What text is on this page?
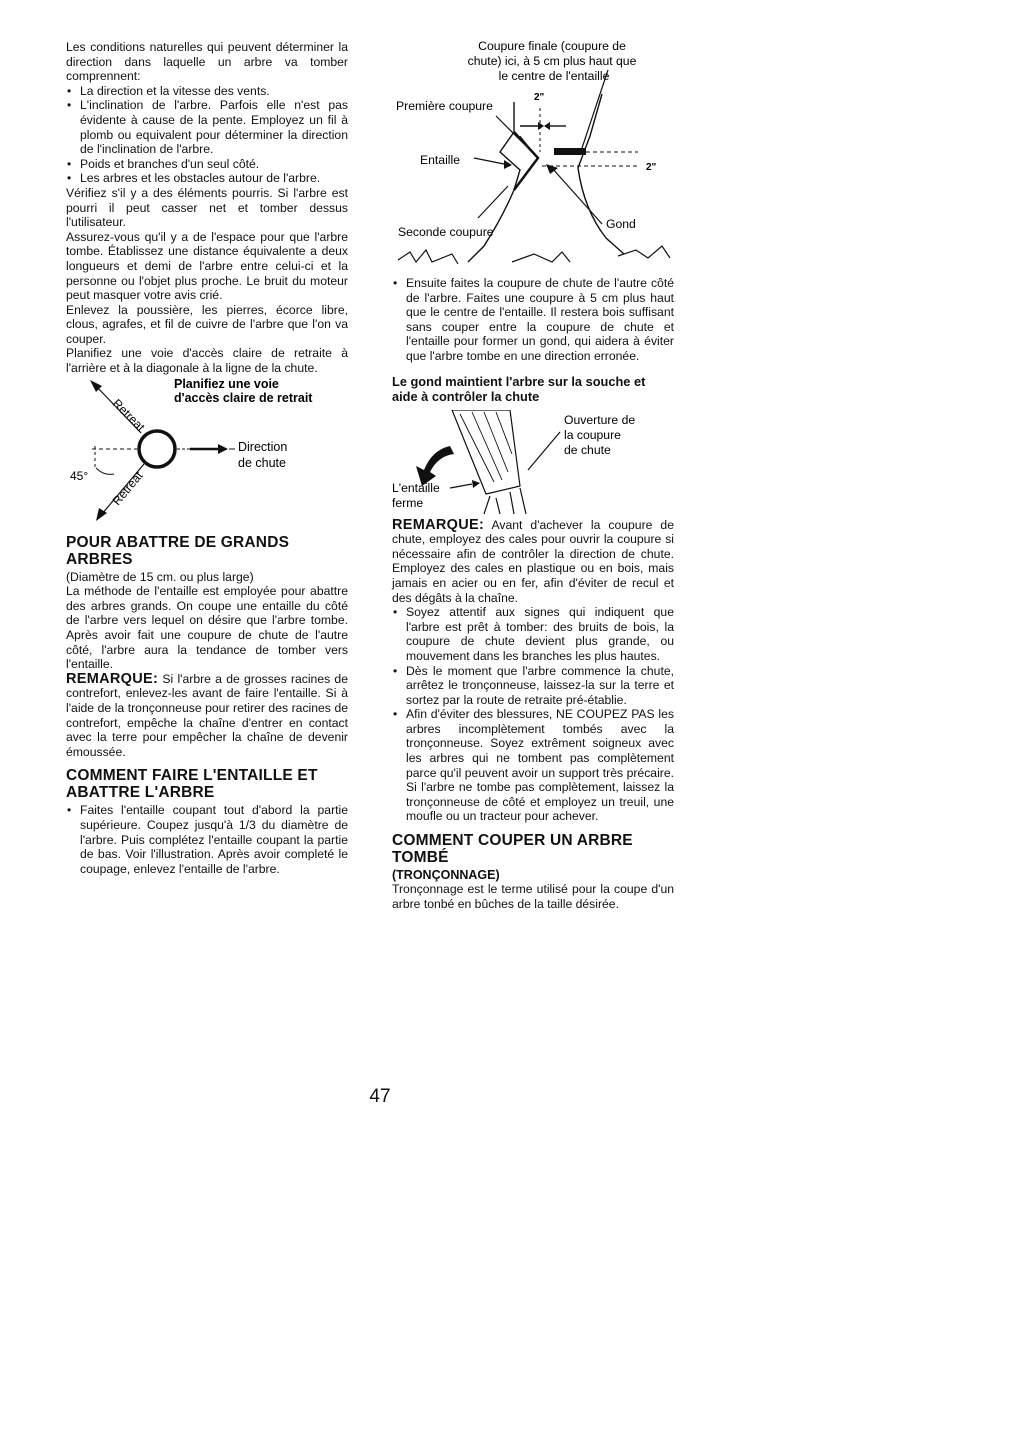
Les conditions naturelles qui peuvent déterminer la direction dans laquelle un arbre va tomber comprennent:

• La direction et la vitesse des vents.
• L'inclination de l'arbre. Parfois elle n'est pas évidente à cause de la pente. Employez un fil à plomb ou equivalent pour déterminer la direction de l'inclination de l'arbre.
• Poids et branches d'un seul côté.
• Les arbres et les obstacles autour de l'arbre.

Vérifiez s'il y a des éléments pourris. Si l'arbre est pourri il peut casser net et tomber dessus l'utilisateur.

Assurez-vous qu'il y a de l'espace pour que l'arbre tombe. Établissez une distance équivalente a deux longueurs et demi de l'arbre entre celui-ci et la personne ou l'objet plus proche. Le bruit du moteur peut masquer votre avis crié.

Enlevez la poussière, les pierres, écorce libre, clous, agrafes, et fil de cuivre de l'arbre que l'on va couper.

Planifiez une voie d'accès claire de retraite à l'arrière et à la diagonale à la ligne de la chute.

Retreat
Planifiez une voie
d'accès claire de retrait
Direction
de chute
45° Retreat
POUR ABATTRE DE GRANDS ARBRES

(Diamètre de 15 cm. ou plus large)

La méthode de l'entaille est employée pour abattre des arbres grands. On coupe une entaille du côté de l'arbre vers lequel on désire que l'arbre tombe. Après avoir fait une coupure de chute de l'autre côté, l'arbre aura la tendance de tomber vers l'entaille.

REMARQUE: Si l'arbre a de grosses racines de contrefort, enlevez-les avant de faire l'entaille. Si à l'aide de la tronçonneuse pour retirer des racines de contrefort, empêche la chaîne d'entrer en contact avec la terre pour empêcher la chaîne de devenir émoussée.

COMMENT FAIRE L'ENTAILLE ET ABATTRE L'ARBRE
• Faites l'entaille coupant tout d'abord la partie supérieure. Coupez jusqu'à 1/3 du diamètre de l'arbre. Puis complétez l'entaille coupant la partie de bas. Voir l'illustration. Après avoir completé le coupage, enlevez l'entaille de l'arbre.
Coupure finale (coupure de
chute) ici, à 5 cm plus haut que
le centre de l'entaille
Première coupure
Entaille
Seconde coupure
Gond
2"
2"
• Ensuite faites la coupure de chute de l'autre côté de l'arbre. Faites une coupure à 5 cm plus haut que le centre de l'entaille. Il restera bois suffisant sans couper entre la coupure de chute et l'entaille pour former un gond, qui aidera à éviter que l'arbre tombe en une direction erronée.
Le gond maintient l'arbre sur la souche et aide à contrôler la chute
Ouverture de
la coupure
de chute
L'entaille
ferme

REMARQUE: Avant d'achever la coupure de chute, employez des cales pour ouvrir la coupure si nécessaire afin de contrôler la direction de chute. Employez des cales en plastique ou en bois, mais jamais en acier ou en fer, afin d'éviter de recul et des dégâts à la chaîne.

• Soyez attentif aux signes qui indiquent que l'arbre est prêt à tomber: des bruits de bois, la coupure de chute devient plus grande, ou mouvement dans les branches les plus hautes.
• Dès le moment que l'arbre commence la chute, arrêtez le tronçonneuse, laissez-la sur la terre et sortez par la route de retraite pré-établie.
• Afin d'éviter des blessures, NE COUPEZ PAS les arbres incomplètement tombés avec la tronçonneuse. Soyez extrêment soigneux avec les arbres qui ne tombent pas complètement parce qu'il peuvent avoir un support très précaire. Si l'arbre ne tombe pas complètement, laissez la tronçonneuse de côté et employez un treuil, une moufle ou un tracteur pour achever.
COMMENT COUPER UN ARBRE TOMBÉ
(TRONÇONNAGE)

Tronçonnage est le terme utilisé pour la coupe d'un arbre tonbé en bûches de la taille désirée.

47
